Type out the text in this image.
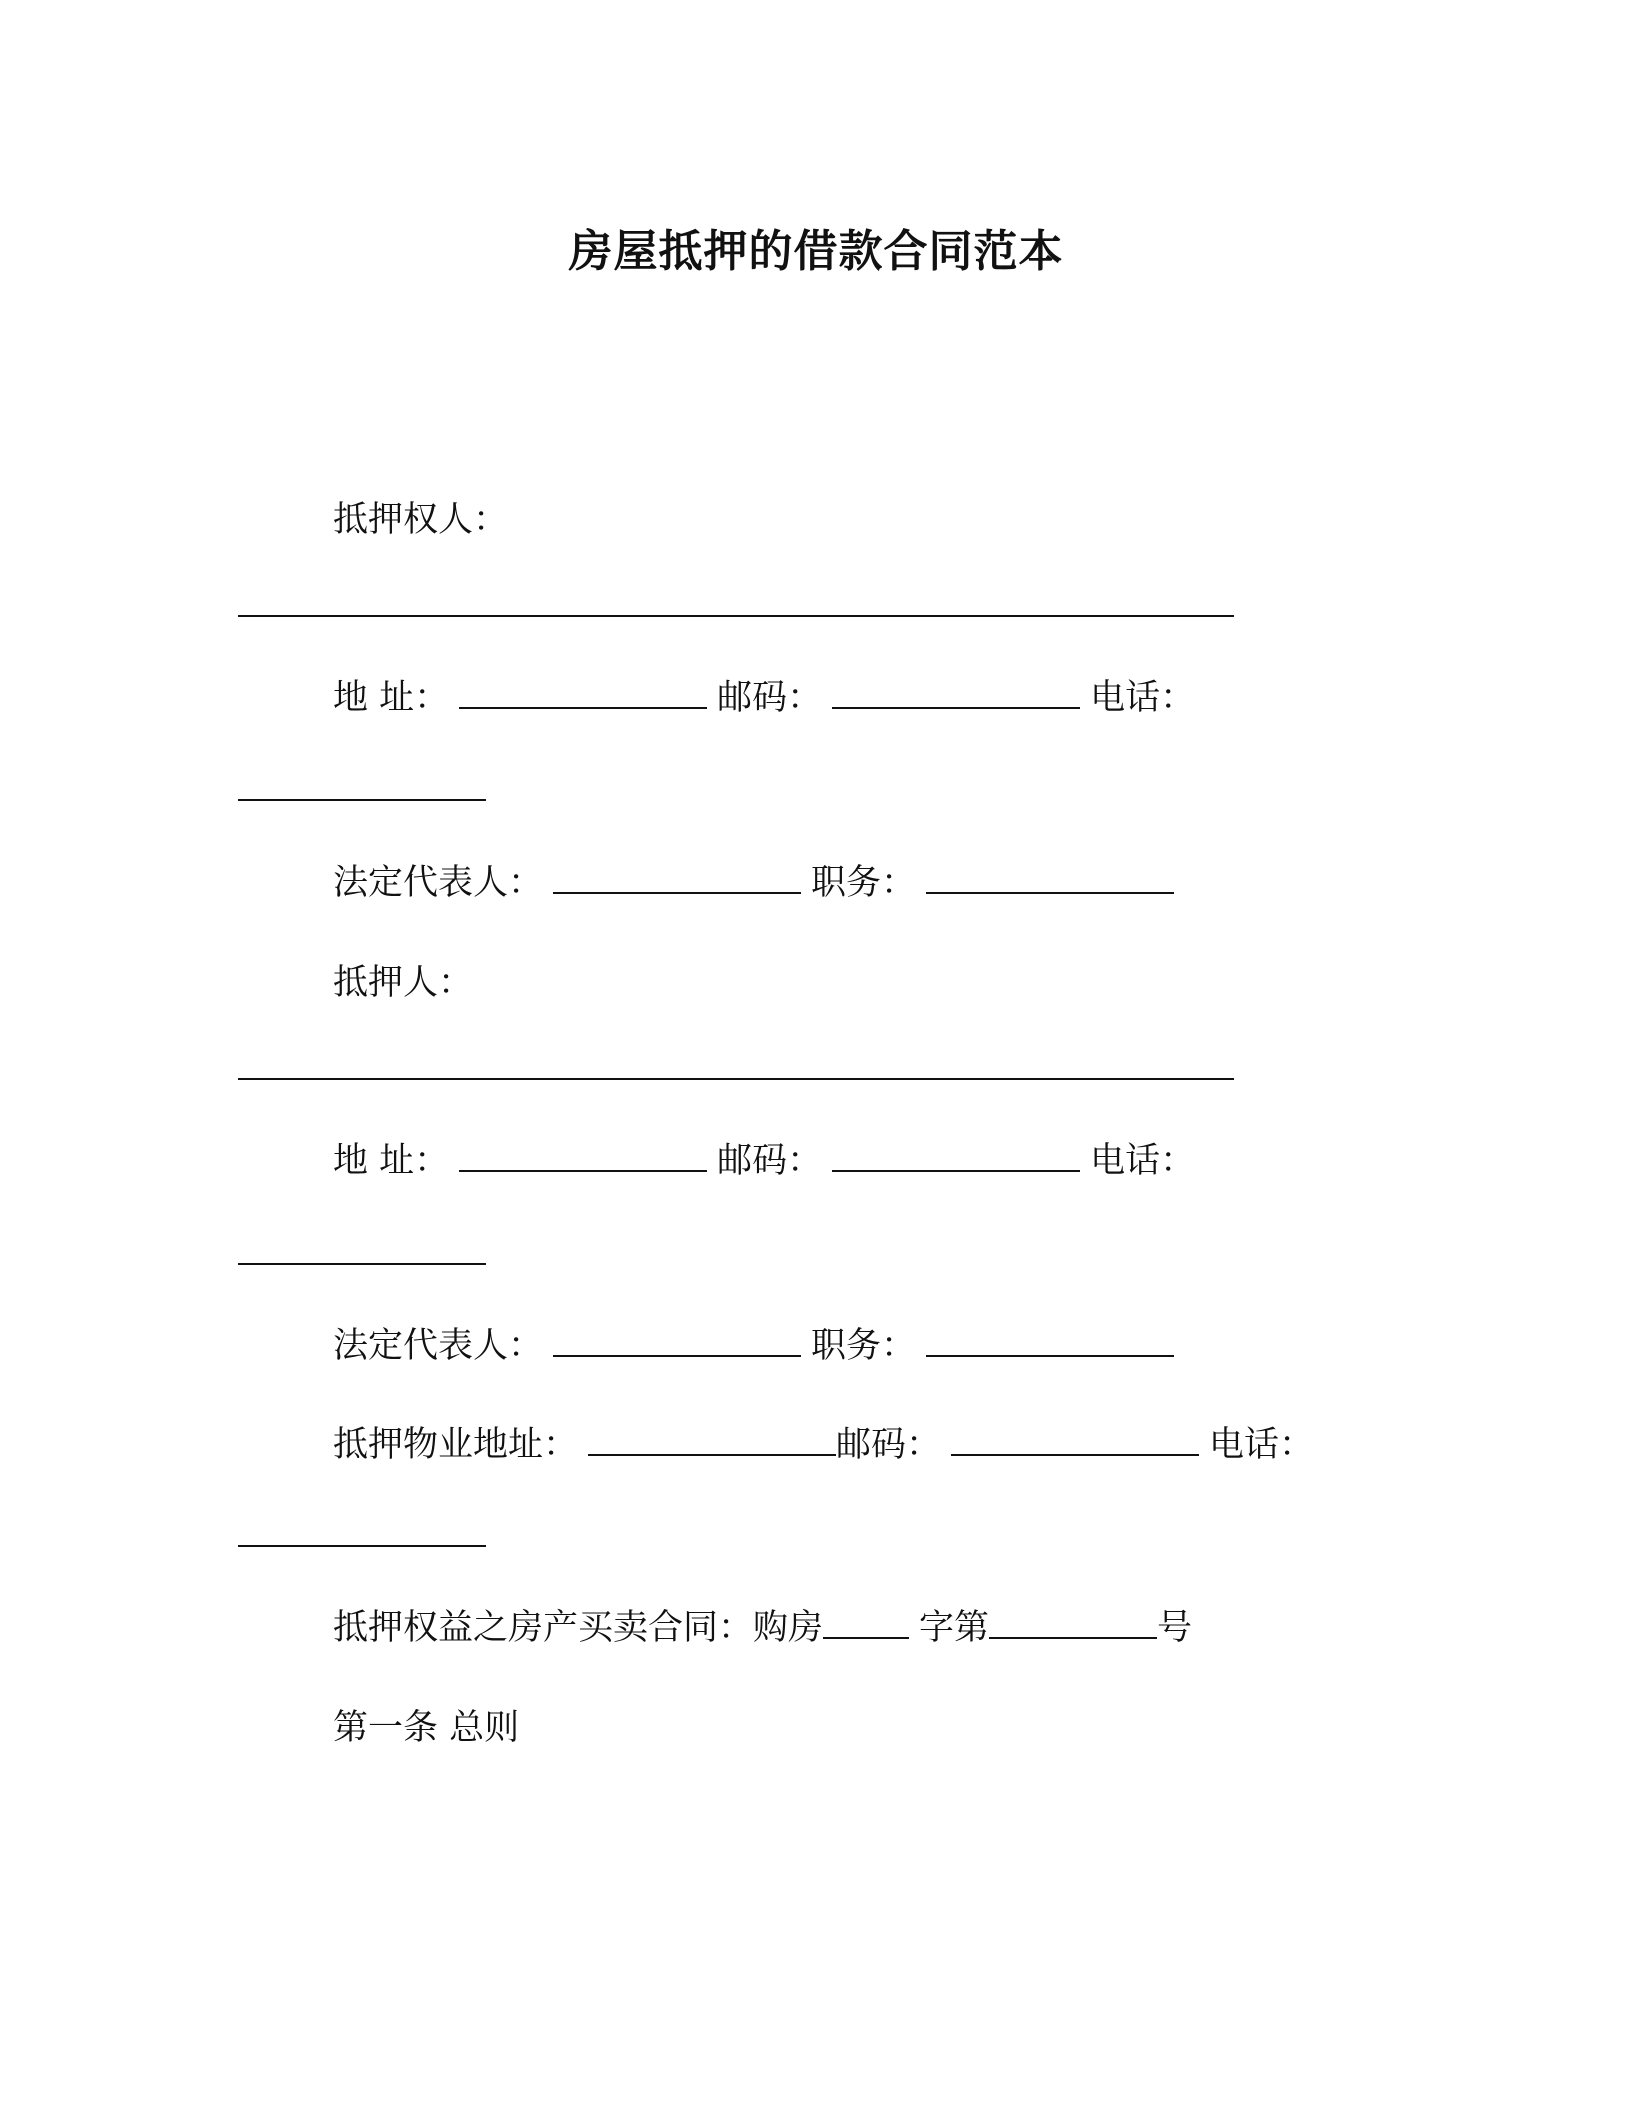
房屋抵押的借款合同范本
抵押权人：
地 址：	邮码：	电话：
法定代表人：	职务：
抵押人：
地 址：	邮码：	电话：
法定代表人：	职务：
抵押物业地址：	邮码：	电话：
抵押权益之房产买卖合同：购房	字第	号
第一条 总则
